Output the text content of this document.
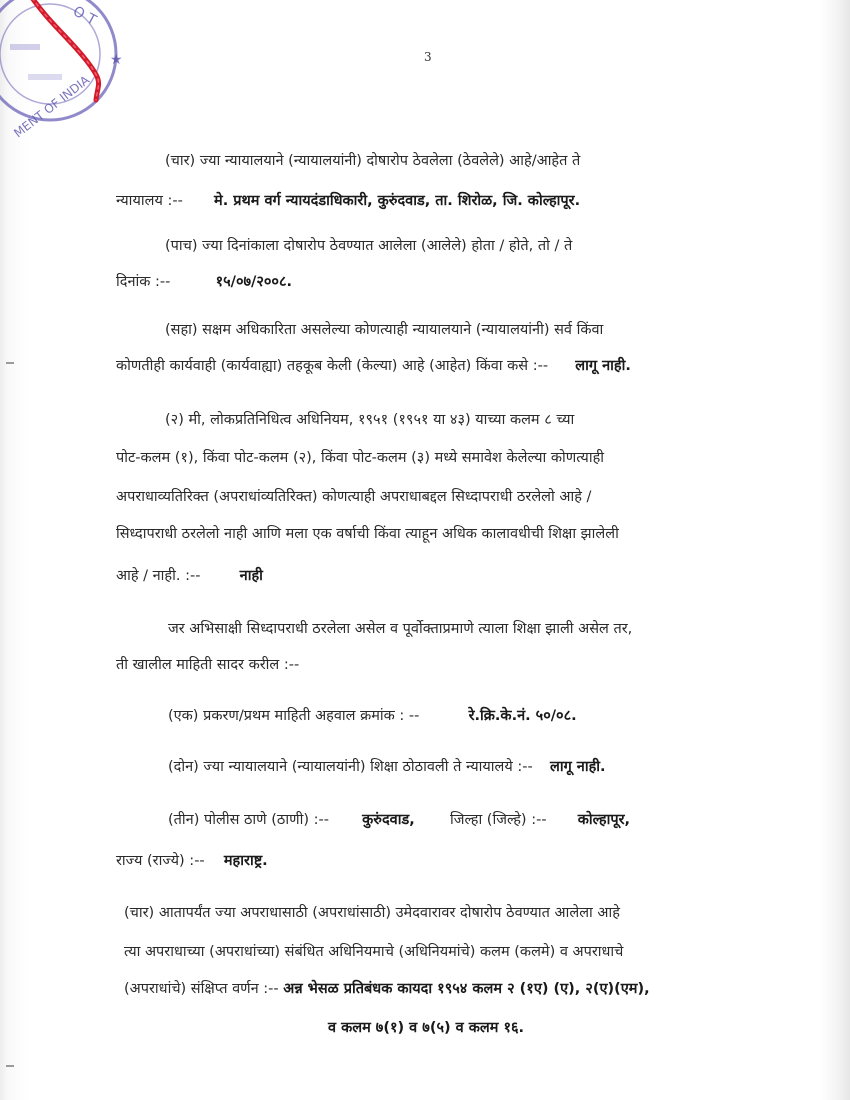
O T
MENT OF INDIA
★	3
(चार) ज्या न्यायालयाने (न्यायालयांनी) दोषारोप ठेवलेला (ठेवलेले) आहे/आहेत ते
न्यायालय :-- मे. प्रथम वर्ग न्यायदंडाधिकारी, कुरुंदवाड, ता. शिरोळ, जि. कोल्हापूर.
(पाच) ज्या दिनांकाला दोषारोप ठेवण्यात आलेला (आलेले) होता / होते, तो / ते
दिनांक :--	१५/०७/२००८.
(सहा) सक्षम अधिकारिता असलेल्या कोणत्याही न्यायालयाने (न्यायालयांनी) सर्व किंवा
कोणतीही कार्यवाही (कार्यवाह्या) तहकूब केली (केल्या) आहे (आहेत) किंवा कसे :-- लागू नाही.
(२) मी, लोकप्रतिनिधित्व अधिनियम, १९५१ (१९५१ या ४३) याच्या कलम ८ च्या
पोट-कलम (१), किंवा पोट-कलम (२), किंवा पोट-कलम (३) मध्ये समावेश केलेल्या कोणत्याही
अपराधाव्यतिरिक्त (अपराधांव्यतिरिक्त) कोणत्याही अपराधाबद्दल सिध्दापराधी ठरलेलो आहे /
सिध्दापराधी ठरलेलो नाही आणि मला एक वर्षाची किंवा त्याहून अधिक कालावधीची शिक्षा झालेली
आहे / नाही. :--	नाही
जर अभिसाक्षी सिध्दापराधी ठरलेला असेल व पूर्वोक्ताप्रमाणे त्याला शिक्षा झाली असेल तर,
ती खालील माहिती सादर करील :--
(एक) प्रकरण/प्रथम माहिती अहवाल क्रमांक : --	रे.क्रि.के.नं. ५०/०८.
(दोन) ज्या न्यायालयाने (न्यायालयांनी) शिक्षा ठोठावली ते न्यायालये :-- लागू नाही.
(तीन) पोलीस ठाणे (ठाणी) :-- कुरुंदवाड, जिल्हा (जिल्हे) :-- कोल्हापूर,
राज्य (राज्ये) :-- महाराष्ट्र.
(चार) आतापर्यंत ज्या अपराधासाठी (अपराधांसाठी) उमेदवारावर दोषारोप ठेवण्यात आलेला आहे
त्या अपराधाच्या (अपराधांच्या) संबंधित अधिनियमाचे (अधिनियमांचे) कलम (कलमे) व अपराधाचे
(अपराधांचे) संक्षिप्त वर्णन :-- अन्न भेसळ प्रतिबंधक कायदा १९५४ कलम २ (१ए) (ए), २(ए)(एम),
व कलम ७(१) व ७(५) व कलम १६.
